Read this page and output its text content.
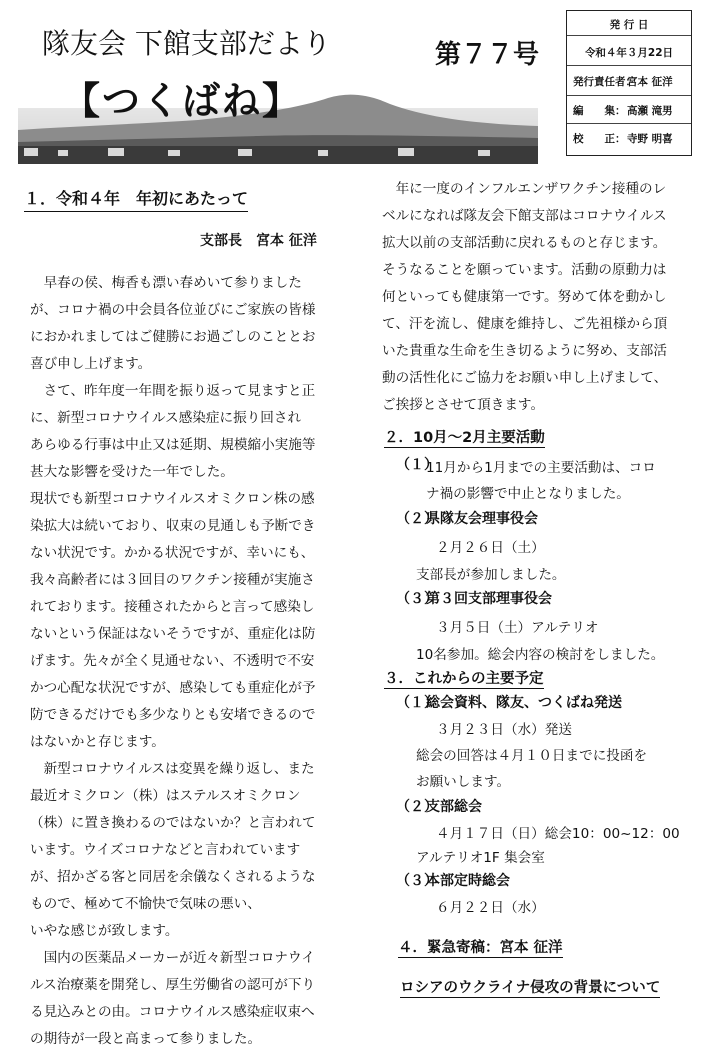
隊友会 下館支部だより	第７７号
【つくばね】
発 行 日
令和４年３月22日
発行責任者：
宮本 征洋
編　　集： 高瀬 滝男
校　　正： 寺野 明喜
１．令和４年　年初にあたって
支部長　宮本 征洋

　早春の侯、梅香も漂い春めいて参りました

が、コロナ禍の中会員各位並びにご家族の皆様

におかれましてはご健勝にお過ごしのこととお

喜び申し上げます。

　さて、昨年度一年間を振り返って見ますと正

に、新型コロナウイルス感染症に振り回され

あらゆる行事は中止又は延期、規模縮小実施等

甚大な影響を受けた一年でした。

現状でも新型コロナウイルスオミクロン株の感

染拡大は続いており、収束の見通しも予断でき

ない状況です。かかる状況ですが、幸いにも、

我々高齢者には３回目のワクチン接種が実施さ

れております。接種されたからと言って感染し

ないという保証はないそうですが、重症化は防

げます。先々が全く見通せない、不透明で不安

かつ心配な状況ですが、感染しても重症化が予

防できるだけでも多少なりとも安堵できるので

はないかと存じます。

　新型コロナウイルスは変異を繰り返し、また

最近オミクロン（株）はステルスオミクロン

（株）に置き換わるのではないか？と言われて

います。ウイズコロナなどと言われています

が、招かざる客と同居を余儀なくされるような

もので、極めて不愉快で気味の悪い、

いやな感じが致します。

　国内の医薬品メーカーが近々新型コロナウイ

ルス治療薬を開発し、厚生労働省の認可が下り

る見込みとの由。コロナウイルス感染症収束へ

の期待が一段と高まって参りました。

　年に一度のインフルエンザワクチン接種のレ

ベルになれば隊友会下館支部はコロナウイルス

拡大以前の支部活動に戻れるものと存じます。

そうなることを願っています。活動の原動力は

何といっても健康第一です。努めて体を動かし

て、汗を流し、健康を維持し、ご先祖様から頂

いた貴重な生命を生き切るように努め、支部活

動の活性化にご協力をお願い申し上げまして、

ご挨拶とさせて頂きます。

２．10月～2月主要活動
（１）
11月から1月までの主要活動は、コロ
ナ禍の影響で中止となりました。
（２）
県隊友会理事役会
２月２６日（土）
支部長が参加しました。
（３）
第３回支部理事役会
３月５日（土）アルテリオ
10名参加。総会内容の検討をしました。
３．これからの主要予定
（１）
総会資料、隊友、つくばね発送
３月２３日（水）発送
総会の回答は４月１０日までに投函を
お願いします。
（２）
支部総会
４月１７日（日）総会10：00~12：00
アルテリオ1F 集会室
（３）
本部定時総会
６月２２日（水）
４．緊急寄稿：宮本 征洋
ロシアのウクライナ侵攻の背景について
